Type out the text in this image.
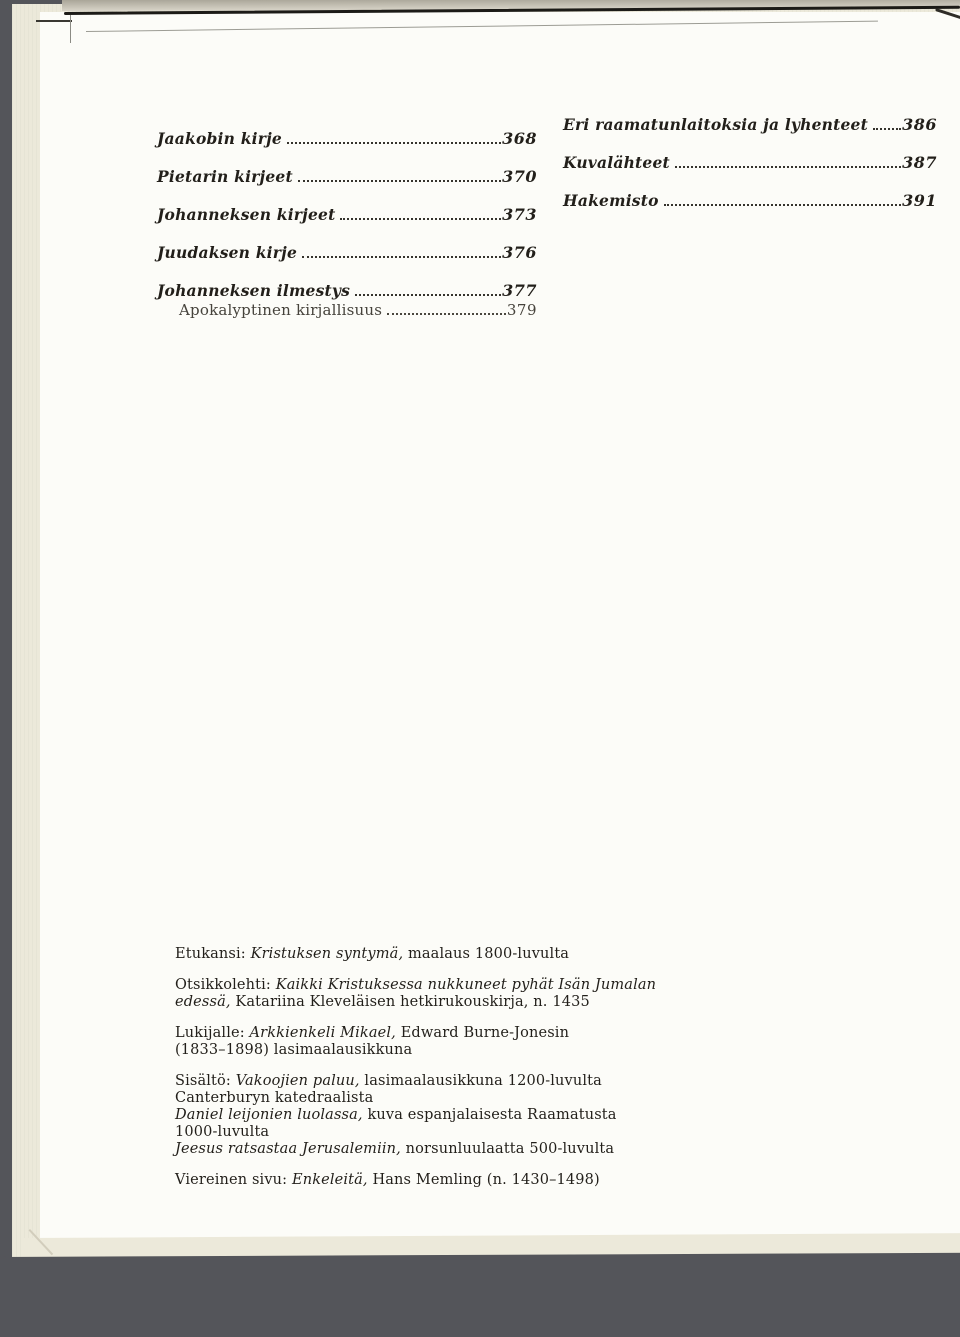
Jaakobin kirje	368
Pietarin kirjeet	370
Johanneksen kirjeet	373
Juudaksen kirje	376
Johanneksen ilmestys	377
Apokalyptinen kirjallisuus	379
Eri raamatunlaitoksia ja lyhenteet 386
Kuvalähteet	387
Hakemisto	391

Etukansi: Kristuksen syntymä, maalaus 1800-luvulta

Otsikkolehti: Kaikki Kristuksessa nukkuneet pyhät Isän Jumalan
edessä, Katariina Kleveläisen hetkirukouskirja, n. 1435

Lukijalle: Arkkienkeli Mikael, Edward Burne-Jonesin
(1833–1898) lasimaalausikkuna

Sisältö: Vakoojien paluu, lasimaalausikkuna 1200-luvulta
Canterburyn katedraalista
Daniel leijonien luolassa, kuva espanjalaisesta Raamatusta
1000-luvulta
Jeesus ratsastaa Jerusalemiin, norsunluulaatta 500-luvulta

Viereinen sivu: Enkeleitä, Hans Memling (n. 1430–1498)
